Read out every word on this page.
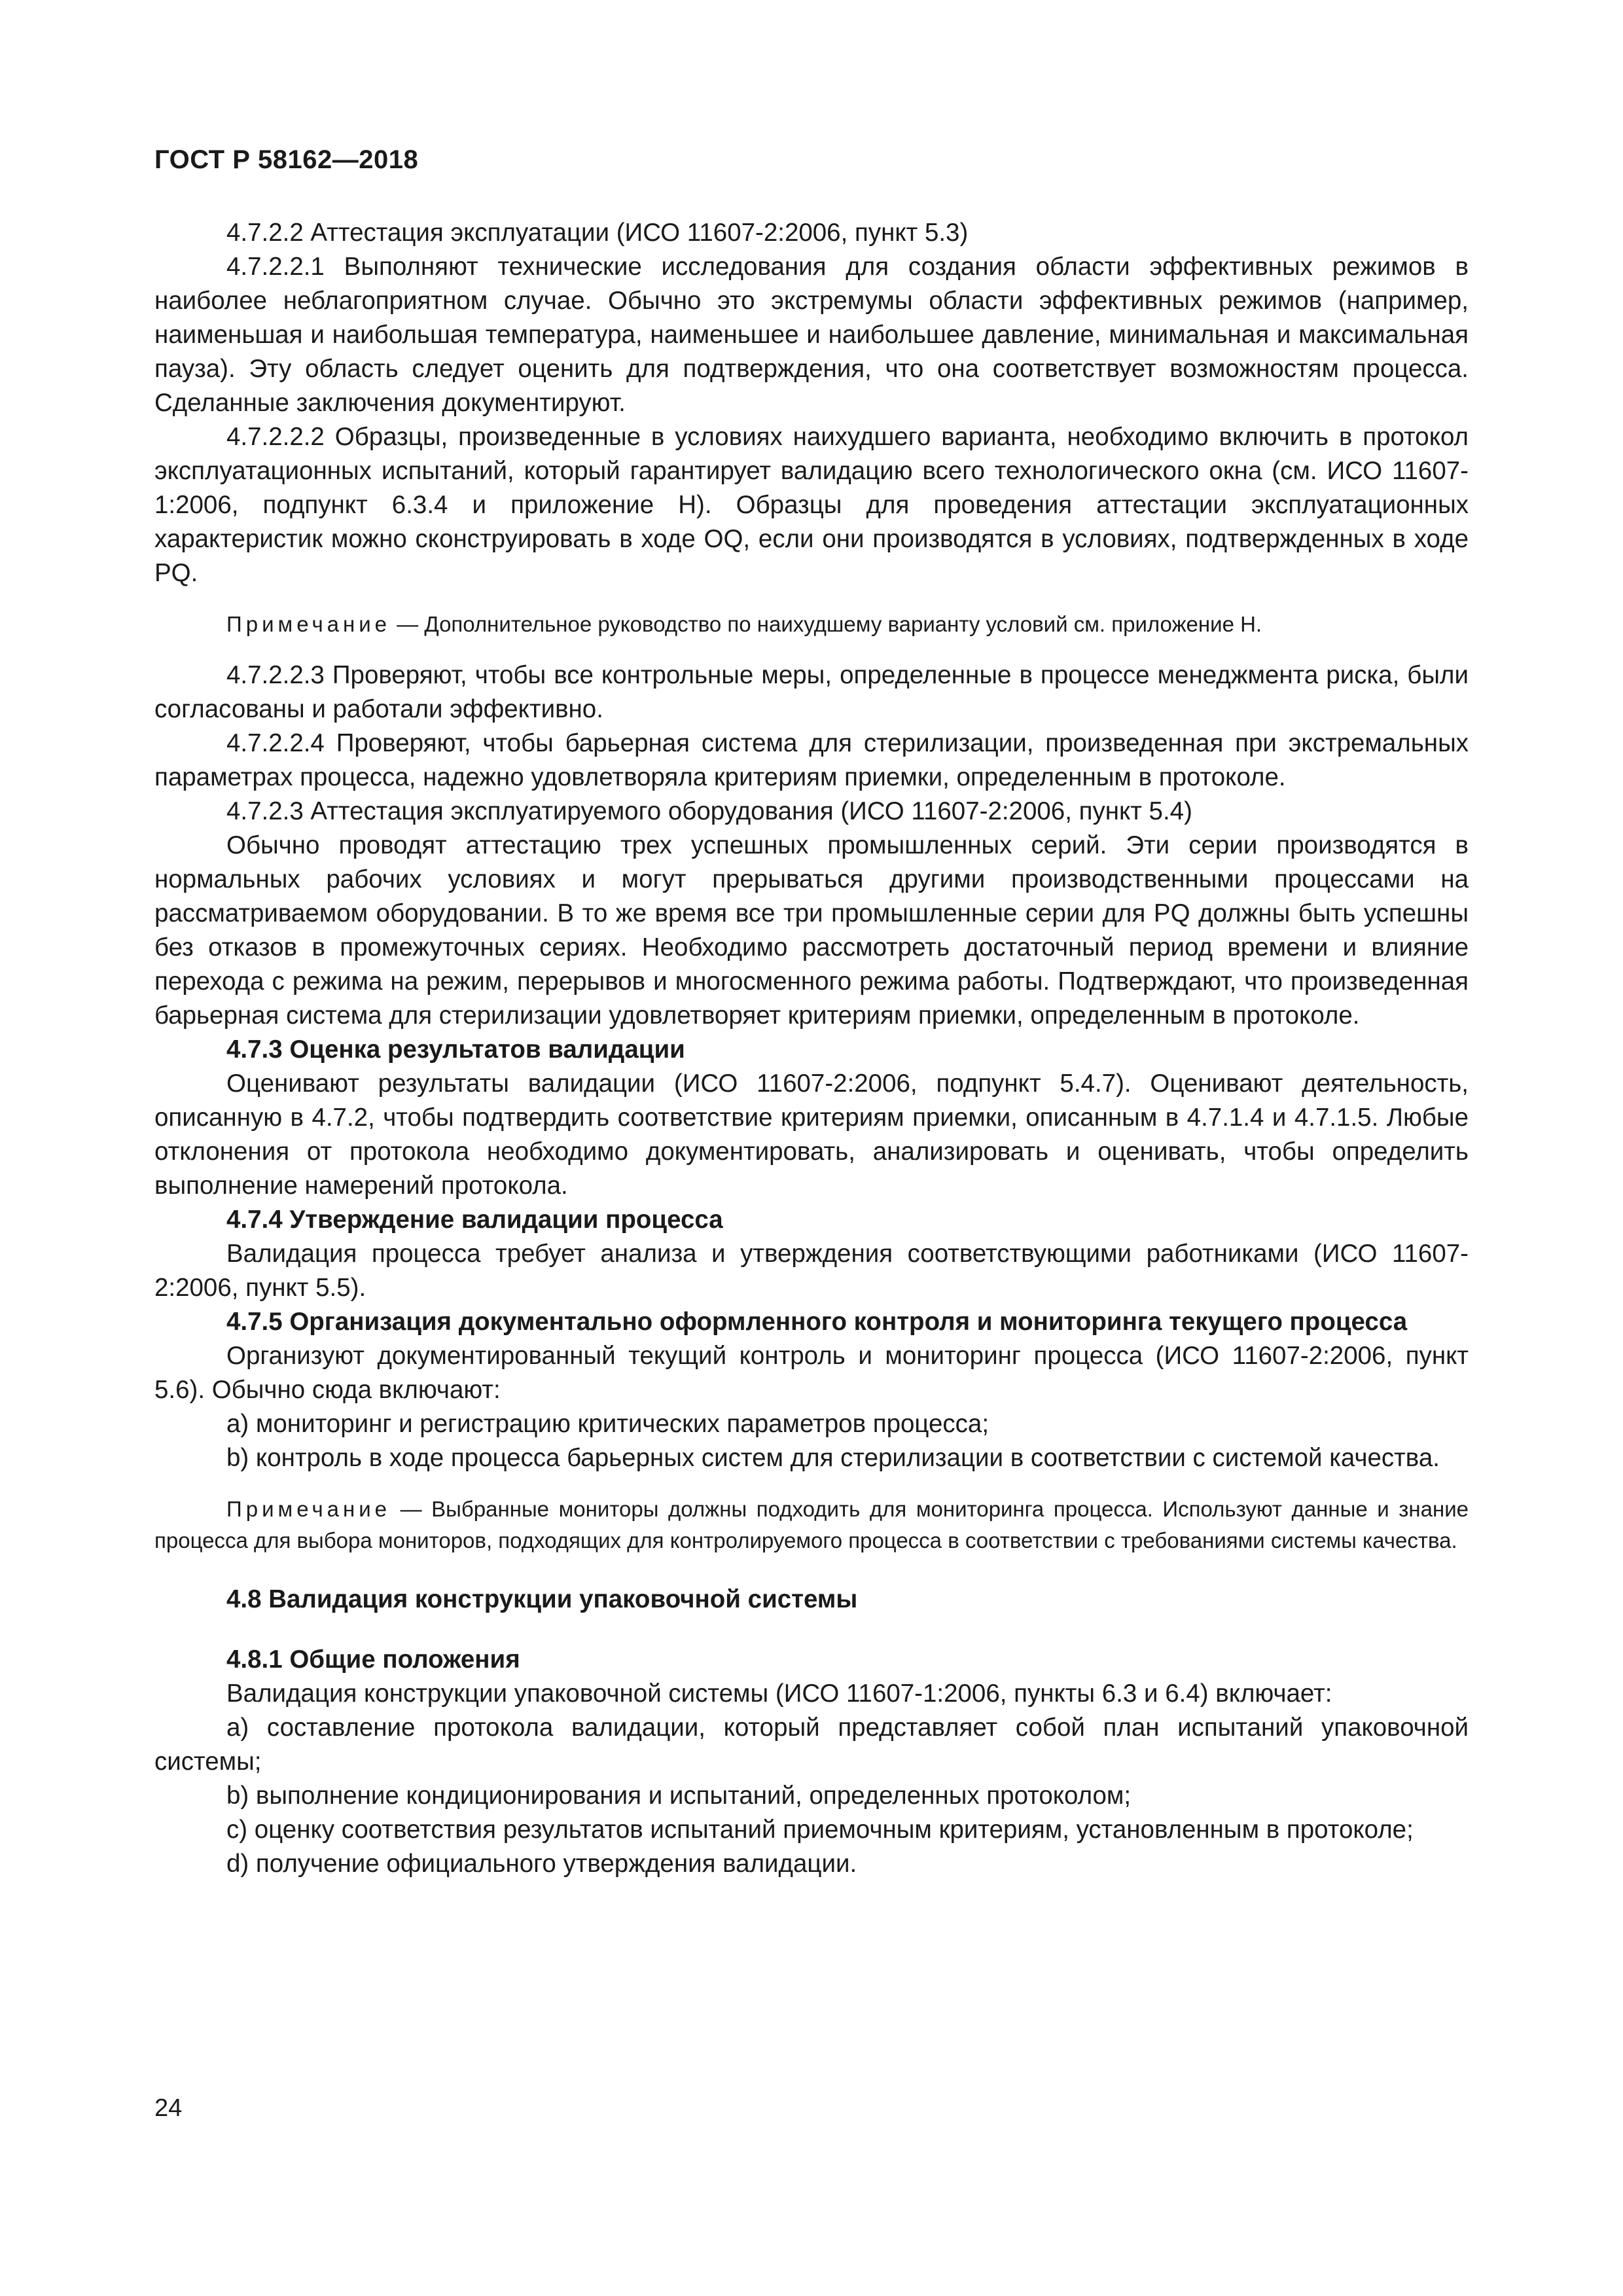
ГОСТ Р 58162—2018

4.7.2.2 Аттестация эксплуатации (ИСО 11607-2:2006, пункт 5.3)

4.7.2.2.1 Выполняют технические исследования для создания области эффективных режимов в наиболее неблагоприятном случае. Обычно это экстремумы области эффективных режимов (например, наименьшая и наибольшая температура, наименьшее и наибольшее давление, минимальная и максимальная пауза). Эту область следует оценить для подтверждения, что она соответствует возможностям процесса. Сделанные заключения документируют.

4.7.2.2.2 Образцы, произведенные в условиях наихудшего варианта, необходимо включить в протокол эксплуатационных испытаний, который гарантирует валидацию всего технологического окна (см. ИСО 11607-1:2006, подпункт 6.3.4 и приложение Н). Образцы для проведения аттестации эксплуатационных характеристик можно сконструировать в ходе OQ, если они производятся в условиях, подтвержденных в ходе PQ.

Примечание — Дополнительное руководство по наихудшему варианту условий см. приложение Н.

4.7.2.2.3 Проверяют, чтобы все контрольные меры, определенные в процессе менеджмента риска, были согласованы и работали эффективно.

4.7.2.2.4 Проверяют, чтобы барьерная система для стерилизации, произведенная при экстремальных параметрах процесса, надежно удовлетворяла критериям приемки, определенным в протоколе.

4.7.2.3 Аттестация эксплуатируемого оборудования (ИСО 11607-2:2006, пункт 5.4)

Обычно проводят аттестацию трех успешных промышленных серий. Эти серии производятся в нормальных рабочих условиях и могут прерываться другими производственными процессами на рассматриваемом оборудовании. В то же время все три промышленные серии для PQ должны быть успешны без отказов в промежуточных сериях. Необходимо рассмотреть достаточный период времени и влияние перехода с режима на режим, перерывов и многосменного режима работы. Подтверждают, что произведенная барьерная система для стерилизации удовлетворяет критериям приемки, определенным в протоколе.

4.7.3 Оценка результатов валидации

Оценивают результаты валидации (ИСО 11607-2:2006, подпункт 5.4.7). Оценивают деятельность, описанную в 4.7.2, чтобы подтвердить соответствие критериям приемки, описанным в 4.7.1.4 и 4.7.1.5. Любые отклонения от протокола необходимо документировать, анализировать и оценивать, чтобы определить выполнение намерений протокола.

4.7.4 Утверждение валидации процесса

Валидация процесса требует анализа и утверждения соответствующими работниками (ИСО 11607-2:2006, пункт 5.5).

4.7.5 Организация документально оформленного контроля и мониторинга текущего процесса

Организуют документированный текущий контроль и мониторинг процесса (ИСО 11607-2:2006, пункт 5.6). Обычно сюда включают:

а) мониторинг и регистрацию критических параметров процесса;

b) контроль в ходе процесса барьерных систем для стерилизации в соответствии с системой качества.

Примечание — Выбранные мониторы должны подходить для мониторинга процесса. Используют данные и знание процесса для выбора мониторов, подходящих для контролируемого процесса в соответствии с требованиями системы качества.

4.8 Валидация конструкции упаковочной системы

4.8.1 Общие положения

Валидация конструкции упаковочной системы (ИСО 11607-1:2006, пункты 6.3 и 6.4) включает:

а) составление протокола валидации, который представляет собой план испытаний упаковочной системы;

b) выполнение кондиционирования и испытаний, определенных протоколом;

c) оценку соответствия результатов испытаний приемочным критериям, установленным в протоколе;

d) получение официального утверждения валидации.

24
